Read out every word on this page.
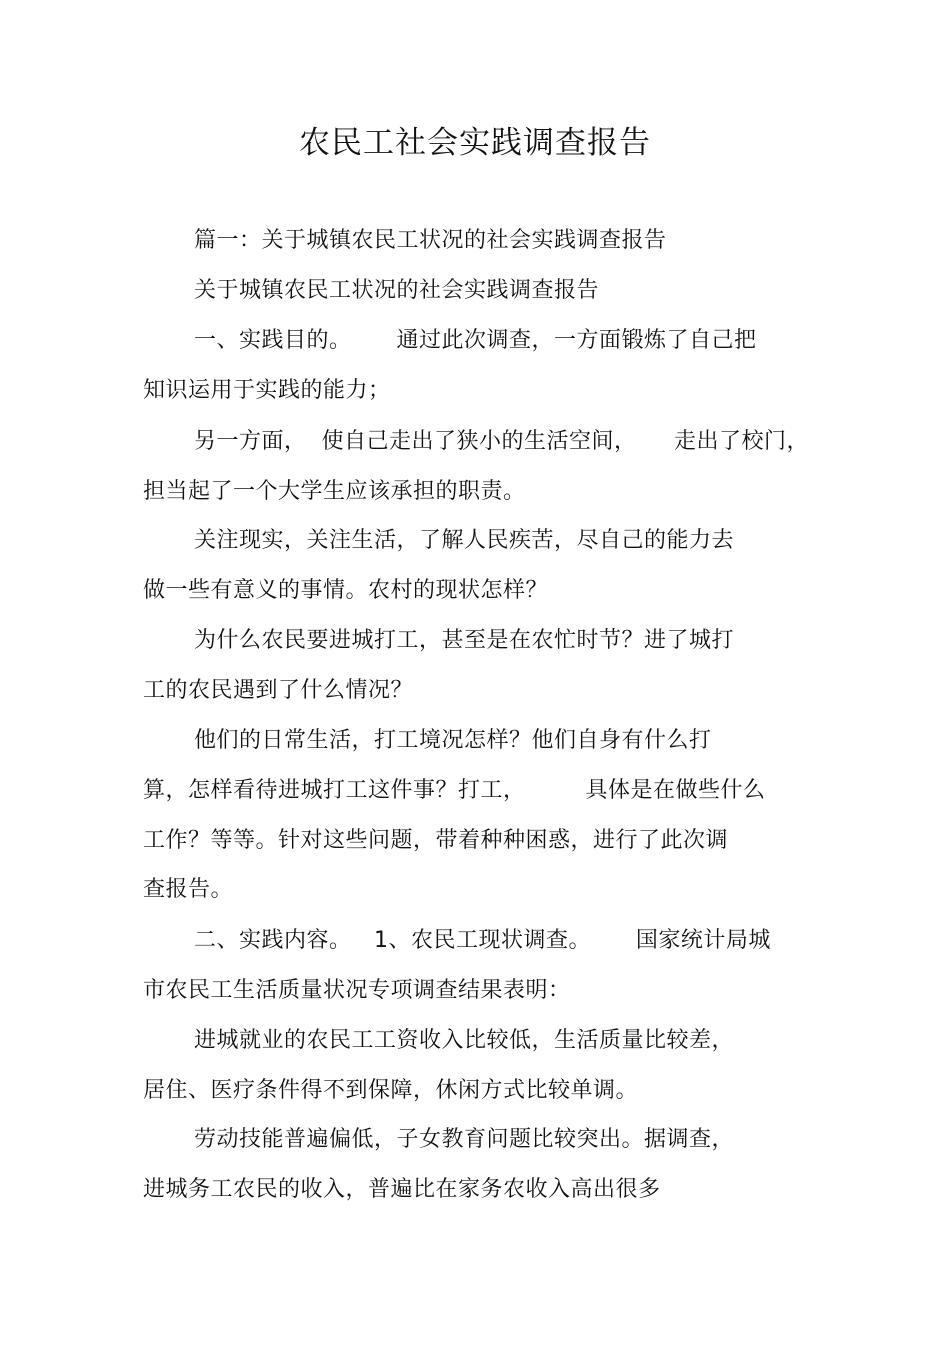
农民工社会实践调查报告
篇一：关于城镇农民工状况的社会实践调查报告
关于城镇农民工状况的社会实践调查报告
一、实践目的。      通过此次调查，一方面锻炼了自己把
知识运用于实践的能力；
另一方面，  使自己走出了狭小的生活空间，     走出了校门，
担当起了一个大学生应该承担的职责。
关注现实，关注生活，了解人民疾苦，尽自己的能力去
做一些有意义的事情。农村的现状怎样？
为什么农民要进城打工，甚至是在农忙时节？进了城打
工的农民遇到了什么情况？
他们的日常生活，打工境况怎样？他们自身有什么打
算，怎样看待进城打工这件事？打工，        具体是在做些什么
工作？等等。针对这些问题，带着种种困惑，进行了此次调
查报告。
二、实践内容。   1、农民工现状调查。      国家统计局城
市农民工生活质量状况专项调查结果表明：
进城就业的农民工工资收入比较低，生活质量比较差，
居住、医疗条件得不到保障，休闲方式比较单调。
劳动技能普遍偏低，子女教育问题比较突出。据调查，
进城务工农民的收入，普遍比在家务农收入高出很多
